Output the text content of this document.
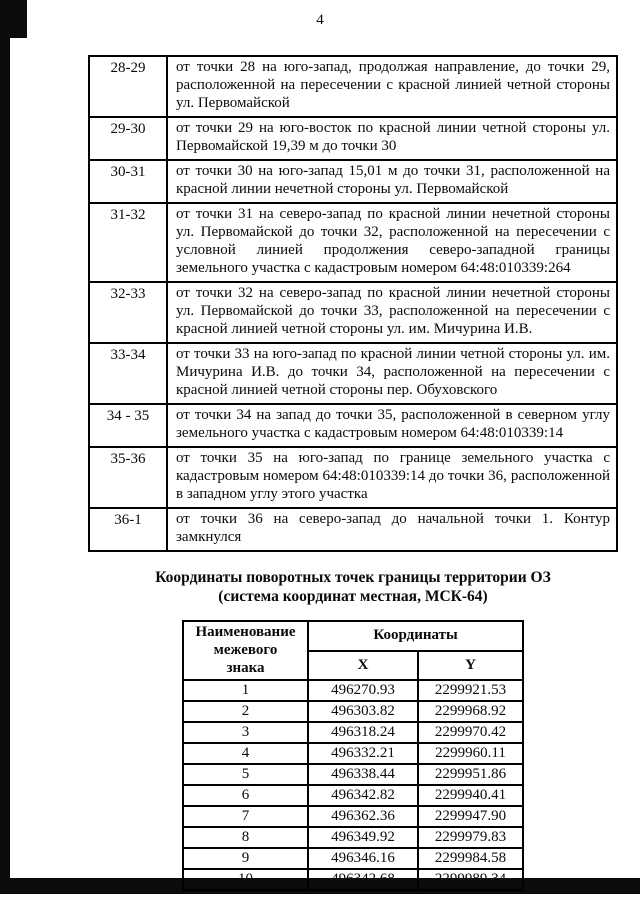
4
28-29	от точки 28 на юго-запад, продолжая направление, до точки 29, расположенной на пересечении с красной линией четной стороны ул. Первомайской
29-30	от точки 29 на юго-восток по красной линии четной стороны ул. Первомайской 19,39 м до точки 30
30-31	от точки 30 на юго-запад 15,01 м до точки 31, расположенной на красной линии нечетной стороны ул. Первомайской
31-32	от точки 31 на северо-запад по красной линии нечетной стороны ул. Первомайской до точки 32, расположенной на пересечении с условной линией продолжения северо-западной границы земельного участка с кадастровым номером 64:48:010339:264
32-33	от точки 32 на северо-запад по красной линии нечетной стороны ул. Первомайской до точки 33, расположенной на пересечении с красной линией четной стороны ул. им. Мичурина И.В.
33-34	от точки 33 на юго-запад по красной линии четной стороны ул. им. Мичурина И.В. до точки 34, расположенной на пересечении с красной линией четной стороны пер. Обуховского
34 - 35	от точки 34 на запад до точки 35, расположенной в северном углу земельного участка с кадастровым номером 64:48:010339:14
35-36	от точки 35 на юго-запад по границе земельного участка с кадастровым номером 64:48:010339:14 до точки 36, расположенной в западном углу этого участка
36-1	от точки 36 на северо-запад до начальной точки 1. Контур замкнулся
Координаты поворотных точек границы территории ОЗ
(система координат местная, МСК-64)
Наименование
межевого
знака	Координаты	
	X	Y
1	496270.93	2299921.53
2	496303.82	2299968.92
3	496318.24	2299970.42
4	496332.21	2299960.11
5	496338.44	2299951.86
6	496342.82	2299940.41
7	496362.36	2299947.90
8	496349.92	2299979.83
9	496346.16	2299984.58
10	496342.68	2299989.34
